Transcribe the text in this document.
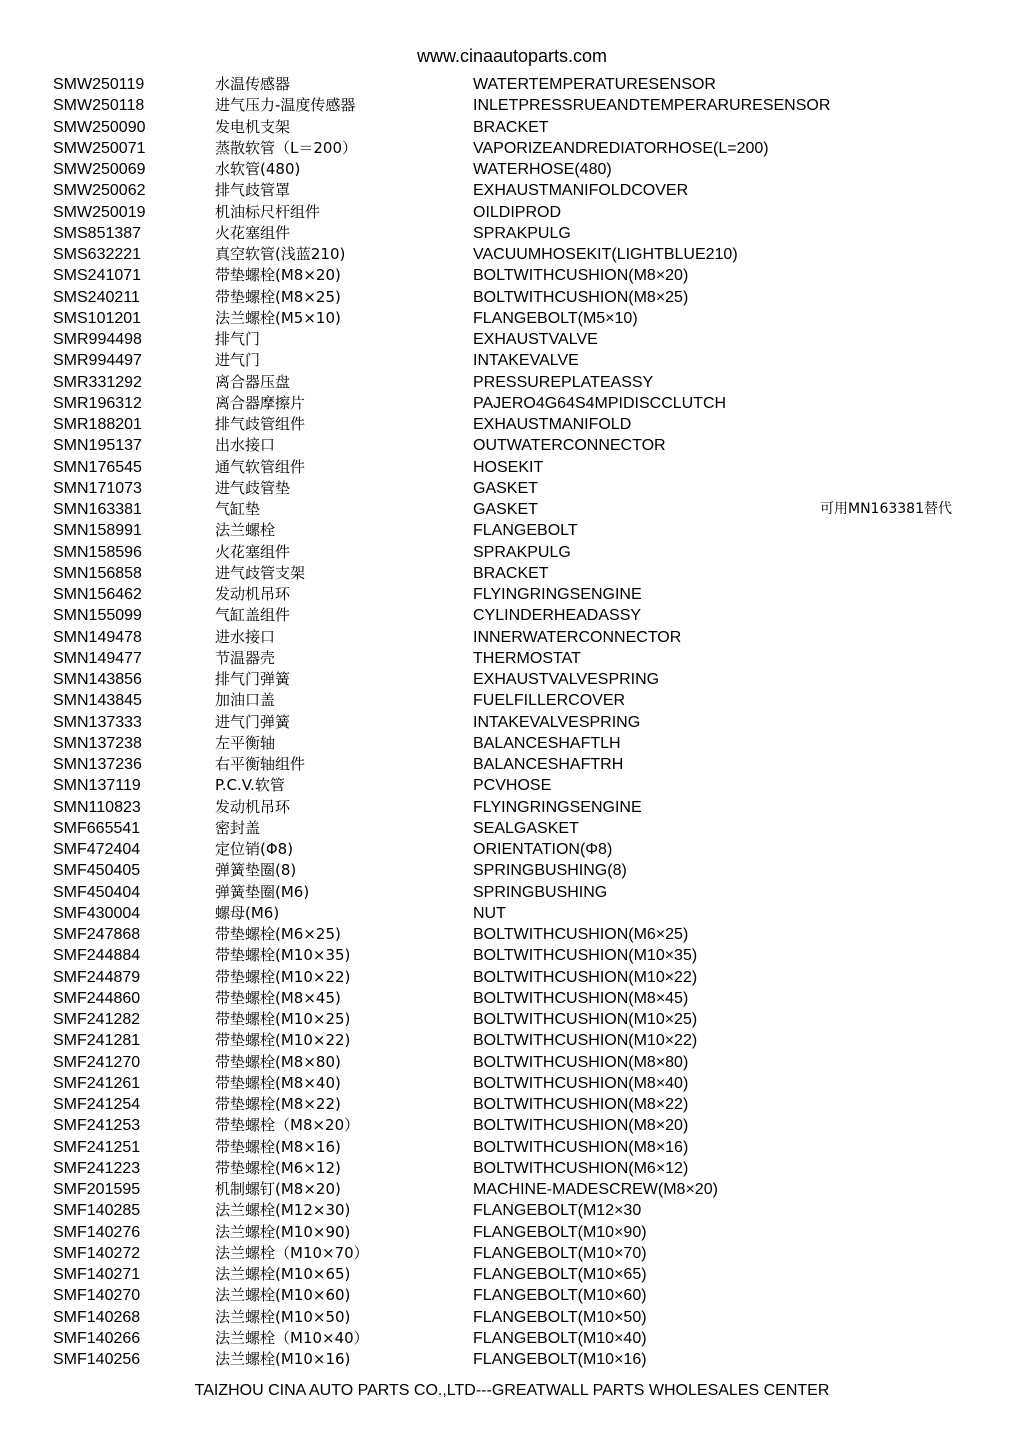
www.cinaautoparts.com
SMW250119	水温传感器	WATERTEMPERATURESENSOR
SMW250118	进气压力-温度传感器	INLETPRESSRUEANDTEMPERARURESENSOR
SMW250090	发电机支架	BRACKET
SMW250071	蒸散软管（L＝200）	VAPORIZEANDREDIATORHOSE(L=200)
SMW250069	水软管(480)	WATERHOSE(480)
SMW250062	排气歧管罩	EXHAUSTMANIFOLDCOVER
SMW250019	机油标尺杆组件	OILDIPROD
SMS851387	火花塞组件	SPRAKPULG
SMS632221	真空软管(浅蓝210)	VACUUMHOSEKIT(LIGHTBLUE210)
SMS241071	带垫螺栓(M8×20)	BOLTWITHCUSHION(M8×20)
SMS240211	带垫螺栓(M8×25)	BOLTWITHCUSHION(M8×25)
SMS101201	法兰螺栓(M5×10)	FLANGEBOLT(M5×10)
SMR994498	排气门	EXHAUSTVALVE
SMR994497	进气门	INTAKEVALVE
SMR331292	离合器压盘	PRESSUREPLATEASSY
SMR196312	离合器摩擦片	PAJERO4G64S4MPIDISCCLUTCH
SMR188201	排气歧管组件	EXHAUSTMANIFOLD
SMN195137	出水接口	OUTWATERCONNECTOR
SMN176545	通气软管组件	HOSEKIT
SMN171073	进气歧管垫	GASKET
SMN163381	气缸垫	GASKET	可用MN163381替代
SMN158991	法兰螺栓	FLANGEBOLT
SMN158596	火花塞组件	SPRAKPULG
SMN156858	进气歧管支架	BRACKET
SMN156462	发动机吊环	FLYINGRINGSENGINE
SMN155099	气缸盖组件	CYLINDERHEADASSY
SMN149478	进水接口	INNERWATERCONNECTOR
SMN149477	节温器壳	THERMOSTAT
SMN143856	排气门弹簧	EXHAUSTVALVESPRING
SMN143845	加油口盖	FUELFILLERCOVER
SMN137333	进气门弹簧	INTAKEVALVESPRING
SMN137238	左平衡轴	BALANCESHAFTLH
SMN137236	右平衡轴组件	BALANCESHAFTRH
SMN137119	P.C.V.软管	PCVHOSE
SMN110823	发动机吊环	FLYINGRINGSENGINE
SMF665541	密封盖	SEALGASKET
SMF472404	定位销(Φ8)	ORIENTATION(Φ8)
SMF450405	弹簧垫圈(8)	SPRINGBUSHING(8)
SMF450404	弹簧垫圈(M6)	SPRINGBUSHING
SMF430004	螺母(M6)	NUT
SMF247868	带垫螺栓(M6×25)	BOLTWITHCUSHION(M6×25)
SMF244884	带垫螺栓(M10×35)	BOLTWITHCUSHION(M10×35)
SMF244879	带垫螺栓(M10×22)	BOLTWITHCUSHION(M10×22)
SMF244860	带垫螺栓(M8×45)	BOLTWITHCUSHION(M8×45)
SMF241282	带垫螺栓(M10×25)	BOLTWITHCUSHION(M10×25)
SMF241281	带垫螺栓(M10×22)	BOLTWITHCUSHION(M10×22)
SMF241270	带垫螺栓(M8×80)	BOLTWITHCUSHION(M8×80)
SMF241261	带垫螺栓(M8×40)	BOLTWITHCUSHION(M8×40)
SMF241254	带垫螺栓(M8×22)	BOLTWITHCUSHION(M8×22)
SMF241253	带垫螺栓（M8×20）	BOLTWITHCUSHION(M8×20)
SMF241251	带垫螺栓(M8×16)	BOLTWITHCUSHION(M8×16)
SMF241223	带垫螺栓(M6×12)	BOLTWITHCUSHION(M6×12)
SMF201595	机制螺钉(M8×20)	MACHINE-MADESCREW(M8×20)
SMF140285	法兰螺栓(M12×30)	FLANGEBOLT(M12×30
SMF140276	法兰螺栓(M10×90)	FLANGEBOLT(M10×90)
SMF140272	法兰螺栓（M10×70）	FLANGEBOLT(M10×70)
SMF140271	法兰螺栓(M10×65)	FLANGEBOLT(M10×65)
SMF140270	法兰螺栓(M10×60)	FLANGEBOLT(M10×60)
SMF140268	法兰螺栓(M10×50)	FLANGEBOLT(M10×50)
SMF140266	法兰螺栓（M10×40）	FLANGEBOLT(M10×40)
SMF140256	法兰螺栓(M10×16)	FLANGEBOLT(M10×16)
TAIZHOU CINA AUTO PARTS CO.,LTD---GREATWALL PARTS WHOLESALES CENTER
